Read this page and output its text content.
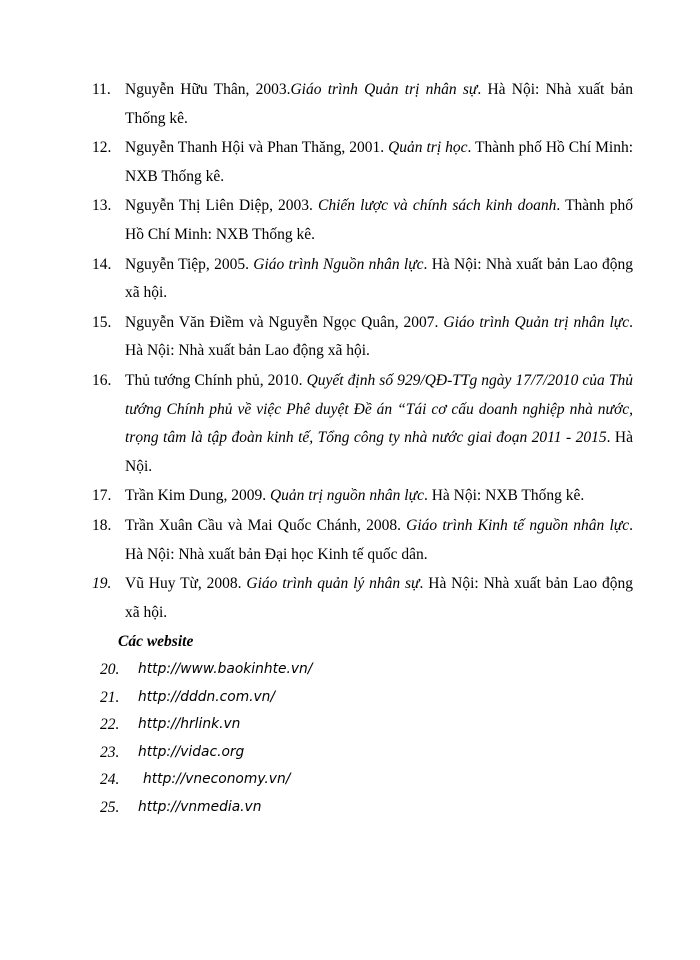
11. Nguyễn Hữu Thân, 2003.Giáo trình Quản trị nhân sự. Hà Nội: Nhà xuất bản Thống kê.
12. Nguyễn Thanh Hội và Phan Thăng, 2001. Quản trị học. Thành phố Hồ Chí Minh: NXB Thống kê.
13. Nguyễn Thị Liên Diệp, 2003. Chiến lược và chính sách kinh doanh. Thành phố Hồ Chí Minh: NXB Thống kê.
14. Nguyễn Tiệp, 2005. Giáo trình Nguồn nhân lực. Hà Nội: Nhà xuất bản Lao động xã hội.
15. Nguyễn Văn Điềm và Nguyễn Ngọc Quân, 2007. Giáo trình Quản trị nhân lực. Hà Nội: Nhà xuất bản Lao động xã hội.
16. Thủ tướng Chính phủ, 2010. Quyết định số 929/QĐ-TTg ngày 17/7/2010 của Thủ tướng Chính phủ về việc Phê duyệt Đề án “Tái cơ cấu doanh nghiệp nhà nước, trọng tâm là tập đoàn kinh tế, Tổng công ty nhà nước giai đoạn 2011 - 2015. Hà Nội.
17. Trần Kim Dung, 2009. Quản trị nguồn nhân lực. Hà Nội: NXB Thống kê.
18. Trần Xuân Cầu và Mai Quốc Chánh, 2008. Giáo trình Kinh tế nguồn nhân lực. Hà Nội: Nhà xuất bản Đại học Kinh tế quốc dân.
19. Vũ Huy Từ, 2008. Giáo trình quản lý nhân sự. Hà Nội: Nhà xuất bản Lao động xã hội.
Các website
20. http://www.baokinhte.vn/
21. http://dddn.com.vn/
22. http://hrlink.vn
23. http://vidac.org
24. http://vneconomy.vn/
25. http://vnmedia.vn
